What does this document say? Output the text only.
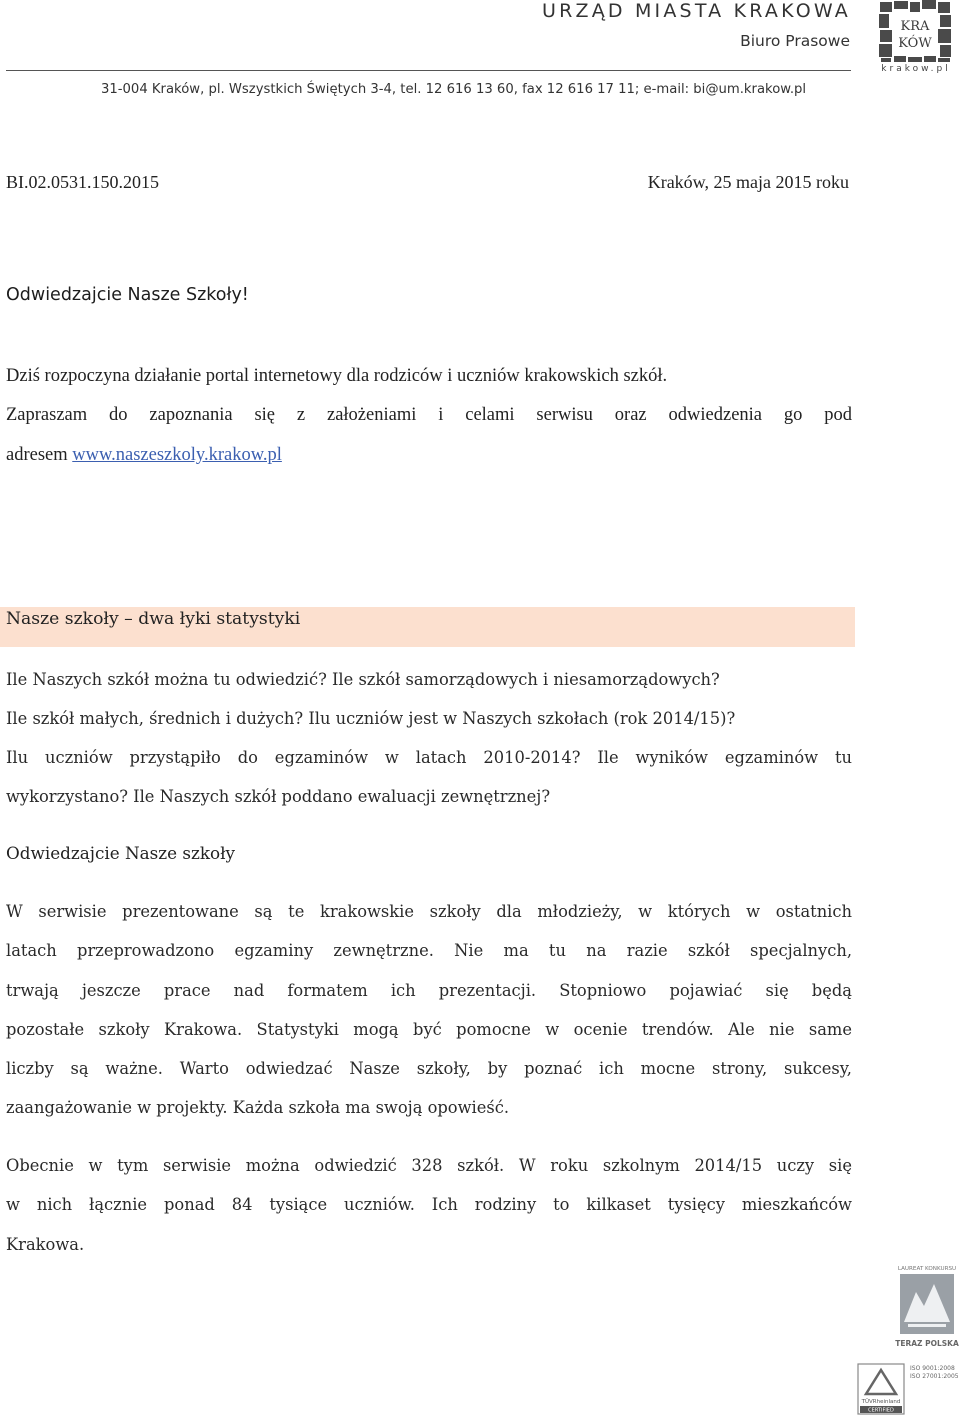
URZĄD MIASTA KRAKOWA
Biuro Prasowe
31-004 Kraków, pl. Wszystkich Świętych 3-4, tel. 12 616 13 60, fax 12 616 17 11; e-mail: bi@um.krakow.pl
KRA
KÓW
krakow.pl
BI.02.0531.150.2015	Kraków, 25 maja 2015 roku
Odwiedzajcie Nasze Szkoły!
Dziś rozpoczyna działanie portal internetowy dla rodziców i uczniów krakowskich szkół.
Zapraszam do zapoznania się z założeniami i celami serwisu oraz odwiedzenia go pod
adresem www.naszeszkoly.krakow.pl
Nasze szkoły – dwa łyki statystyki
Ile Naszych szkół można tu odwiedzić? Ile szkół samorządowych i niesamorządowych?
Ile szkół małych, średnich i dużych? Ilu uczniów jest w Naszych szkołach (rok 2014/15)?
Ilu uczniów przystąpiło do egzaminów w latach 2010-2014? Ile wyników egzaminów tu
wykorzystano? Ile Naszych szkół poddano ewaluacji zewnętrznej?
Odwiedzajcie Nasze szkoły
W serwisie prezentowane są te krakowskie szkoły dla młodzieży, w których w ostatnich
latach przeprowadzono egzaminy zewnętrzne. Nie ma tu na razie szkół specjalnych,
trwają jeszcze prace nad formatem ich prezentacji. Stopniowo pojawiać się będą
pozostałe szkoły Krakowa. Statystyki mogą być pomocne w ocenie trendów. Ale nie same
liczby są ważne. Warto odwiedzać Nasze szkoły, by poznać ich mocne strony, sukcesy,
zaangażowanie w projekty. Każda szkoła ma swoją opowieść.
Obecnie w tym serwisie można odwiedzić 328 szkół. W roku szkolnym 2014/15 uczy się
w nich łącznie ponad 84 tysiące uczniów. Ich rodziny to kilkaset tysięcy mieszkańców
Krakowa.
LAUREAT KONKURSU
TERAZ POLSKA
TÜVRheinland
CERTIFIED
ISO 9001:2008
ISO 27001:2005
